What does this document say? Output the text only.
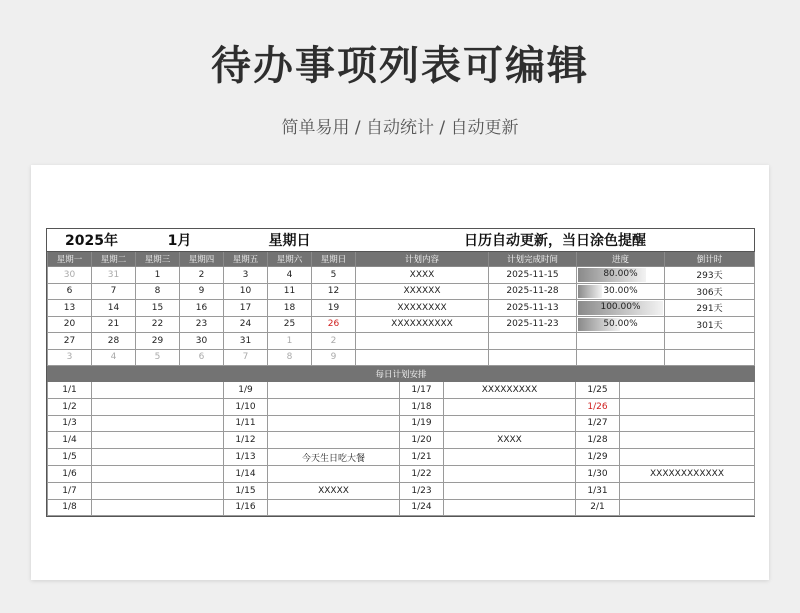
待办事项列表可编辑
简单易用 / 自动统计 / 自动更新
2025年		1月		星期日			日历自动更新，当日涂色提醒			
星期一	星期二	星期三	星期四	星期五	星期六	星期日	计划内容	计划完成时间	进度	倒计时
30	31	1	2	3	4	5	XXXX	2025-11-15	80.00%	293天
6	7	8	9	10	11	12	XXXXXX	2025-11-28	30.00%	306天
13	14	15	16	17	18	19	XXXXXXXX	2025-11-13	100.00%	291天
20	21	22	23	24	25	26	XXXXXXXXXX	2025-11-23	50.00%	301天
27	28	29	30	31	1	2				
3	4	5	6	7	8	9				
每日计划安排							
1/1		1/9		1/17	XXXXXXXXX	1/25	
1/2		1/10		1/18		1/26	
1/3		1/11		1/19		1/27	
1/4		1/12		1/20	XXXX	1/28	
1/5		1/13	今天生日吃大餐	1/21		1/29	
1/6		1/14		1/22		1/30	XXXXXXXXXXXX
1/7		1/15	XXXXX	1/23		1/31	
1/8		1/16		1/24		2/1	
